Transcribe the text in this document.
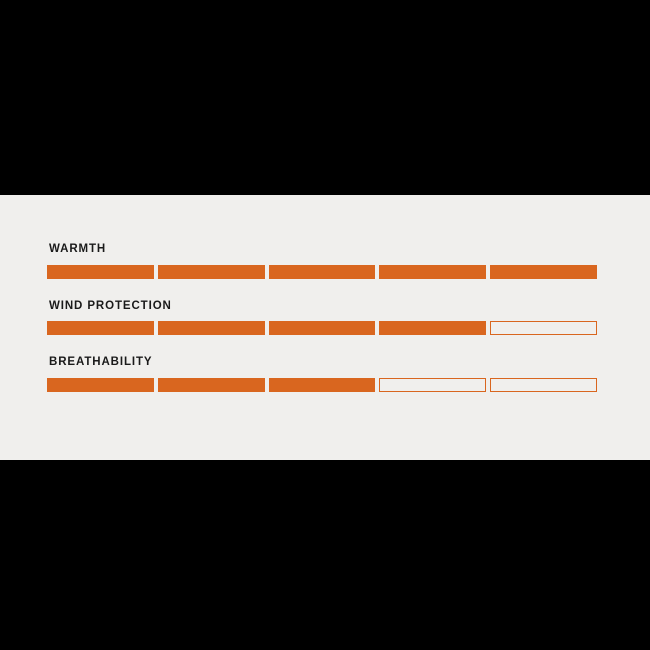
WARMTH
WIND PROTECTION
BREATHABILITY
